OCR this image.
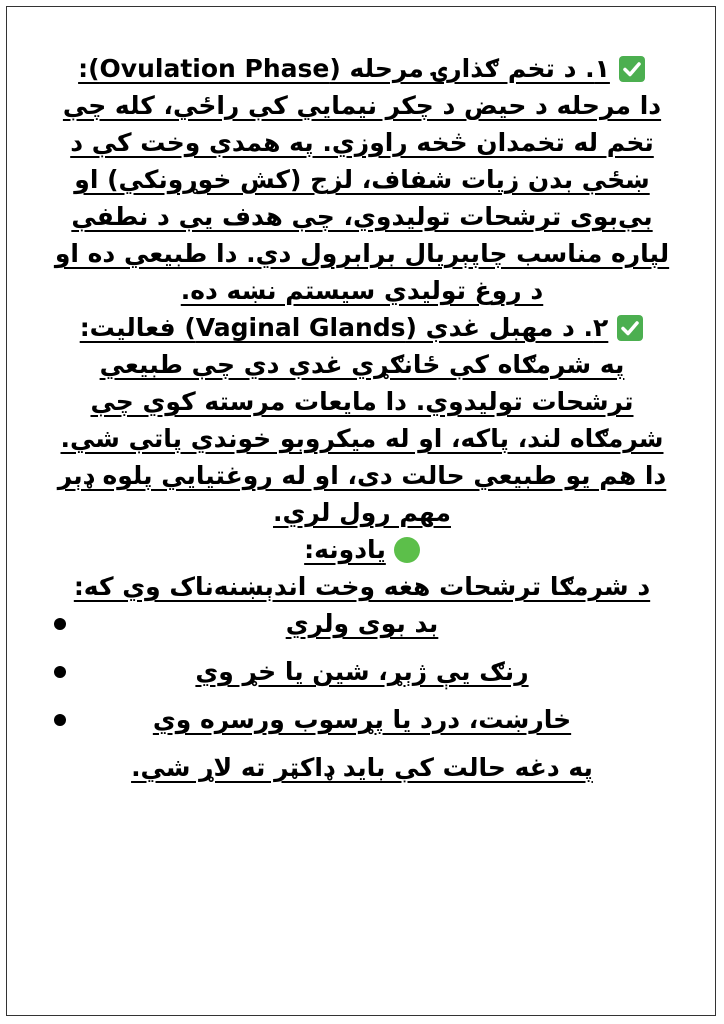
١. د تخم ګذارۍ مرحله (Ovulation Phase):
دا مرحله د حيض د چکر نيمايي کې راځي، کله چې
تخم له تخمدان څخه راوزي. په همدې وخت کې د
ښځې بدن زيات شفاف، لزج (کش خوړونکي) او
بې‌بوی ترشحات توليدوي، چې هدف يې د نطفې
لپاره مناسب چاپېريال برابرول دي. دا طبيعي ده او
د روغ توليدي سيستم نښه ده.
٢. د مهبل غدې (Vaginal Glands) فعاليت:
په شرمګاه کې ځانګړي غدې دي چې طبيعي
ترشحات توليدوي. دا مايعات مرسته کوي چې
شرمګاه لند، پاکه، او له ميکروبو خوندي پاتې شي.
دا هم يو طبيعي حالت دی، او له روغتيايي پلوه ډېر
مهم رول لري.
يادونه:
د شرمګا ترشحات هغه وخت اندېښنه‌ناک وي که:
بد بوی ولري
رنګ يې ژېړ، شين يا خړ وي
خارښت، درد يا پړسوب ورسره وي
په دغه حالت کې بايد ډاکټر ته لاړ شي.
